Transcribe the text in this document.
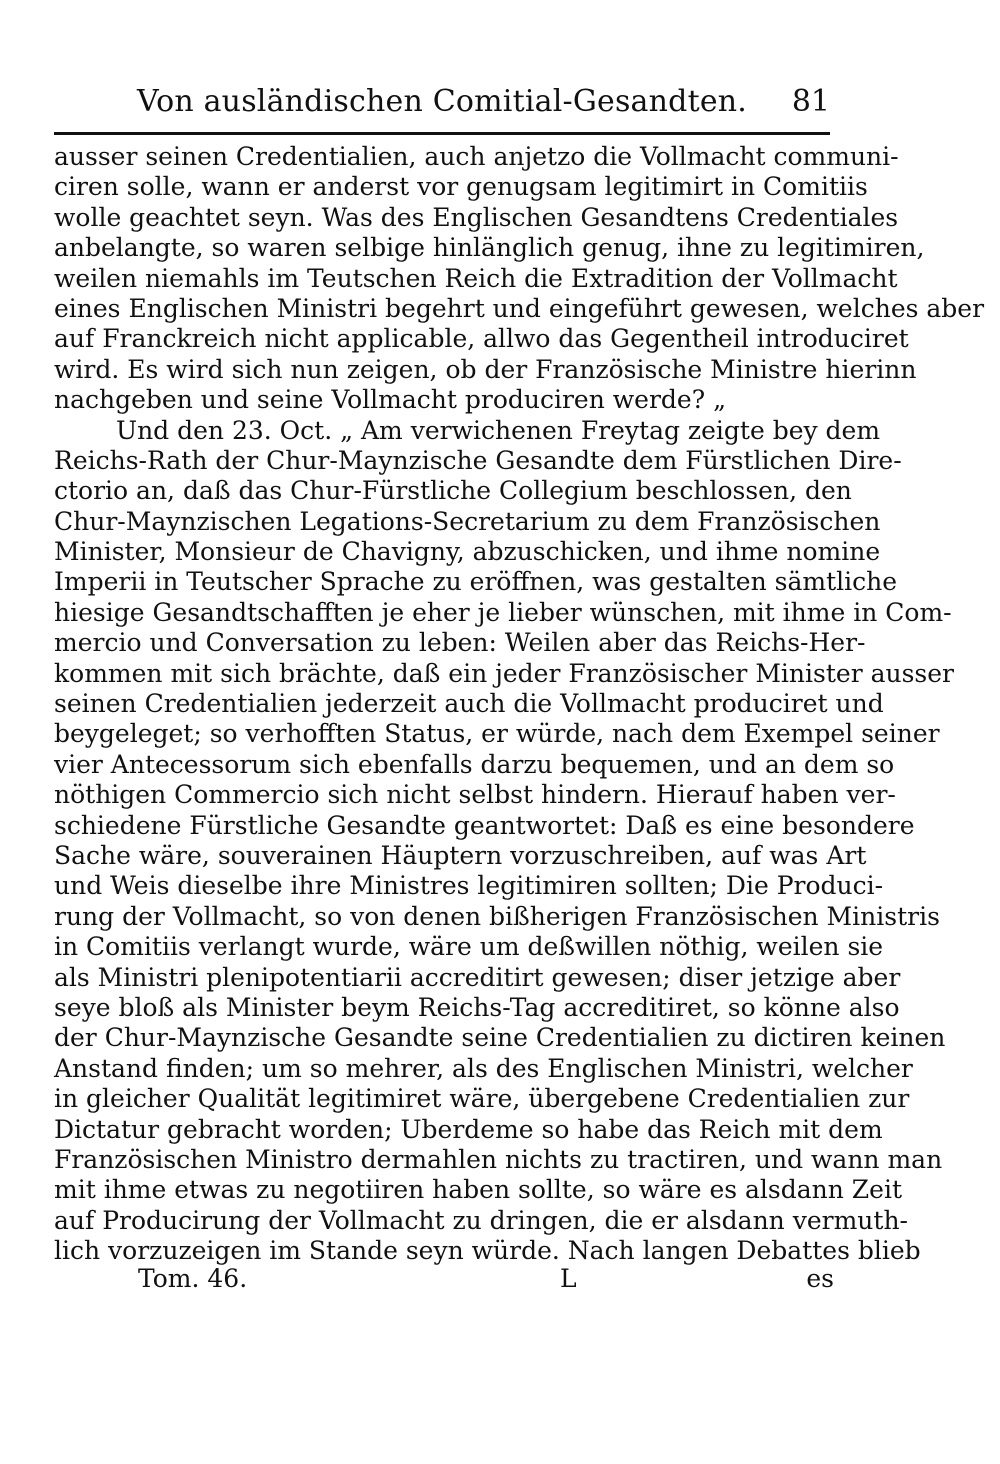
Von ausländischen Comitial-Gesandten.	81
ausser seinen Credentialien, auch anjetzo die Vollmacht communi-
ciren solle, wann er anderst vor genugsam legitimirt in Comitiis
wolle geachtet seyn. Was des Englischen Gesandtens Credentiales
anbelangte, so waren selbige hinlänglich genug, ihne zu legitimiren,
weilen niemahls im Teutschen Reich die Extradition der Vollmacht
eines Englischen Ministri begehrt und eingeführt gewesen, welches aber
auf Franckreich nicht applicable, allwo das Gegentheil introduciret
wird. Es wird sich nun zeigen, ob der Französische Ministre hierinn
nachgeben und seine Vollmacht produciren werde? „
Und den 23. Oct. „ Am verwichenen Freytag zeigte bey dem
Reichs-Rath der Chur-Maynzische Gesandte dem Fürstlichen Dire-
ctorio an, daß das Chur-Fürstliche Collegium beschlossen, den
Chur-Maynzischen Legations-Secretarium zu dem Französischen
Minister, Monsieur de Chavigny, abzuschicken, und ihme nomine
Imperii in Teutscher Sprache zu eröffnen, was gestalten sämtliche
hiesige Gesandtschafften je eher je lieber wünschen, mit ihme in Com-
mercio und Conversation zu leben: Weilen aber das Reichs-Her-
kommen mit sich brächte, daß ein jeder Französischer Minister ausser
seinen Credentialien jederzeit auch die Vollmacht produciret und
beygeleget; so verhofften Status, er würde, nach dem Exempel seiner
vier Antecessorum sich ebenfalls darzu bequemen, und an dem so
nöthigen Commercio sich nicht selbst hindern. Hierauf haben ver-
schiedene Fürstliche Gesandte geantwortet: Daß es eine besondere
Sache wäre, souverainen Häuptern vorzuschreiben, auf was Art
und Weis dieselbe ihre Ministres legitimiren sollten; Die Produci-
rung der Vollmacht, so von denen bißherigen Französischen Ministris
in Comitiis verlangt wurde, wäre um deßwillen nöthig, weilen sie
als Ministri plenipotentiarii accreditirt gewesen; diser jetzige aber
seye bloß als Minister beym Reichs-Tag accreditiret, so könne also
der Chur-Maynzische Gesandte seine Credentialien zu dictiren keinen
Anstand finden; um so mehrer, als des Englischen Ministri, welcher
in gleicher Qualität legitimiret wäre, übergebene Credentialien zur
Dictatur gebracht worden; Uberdeme so habe das Reich mit dem
Französischen Ministro dermahlen nichts zu tractiren, und wann man
mit ihme etwas zu negotiiren haben sollte, so wäre es alsdann Zeit
auf Producirung der Vollmacht zu dringen, die er alsdann vermuth-
lich vorzuzeigen im Stande seyn würde. Nach langen Debattes blieb
Tom. 46.	L	es
